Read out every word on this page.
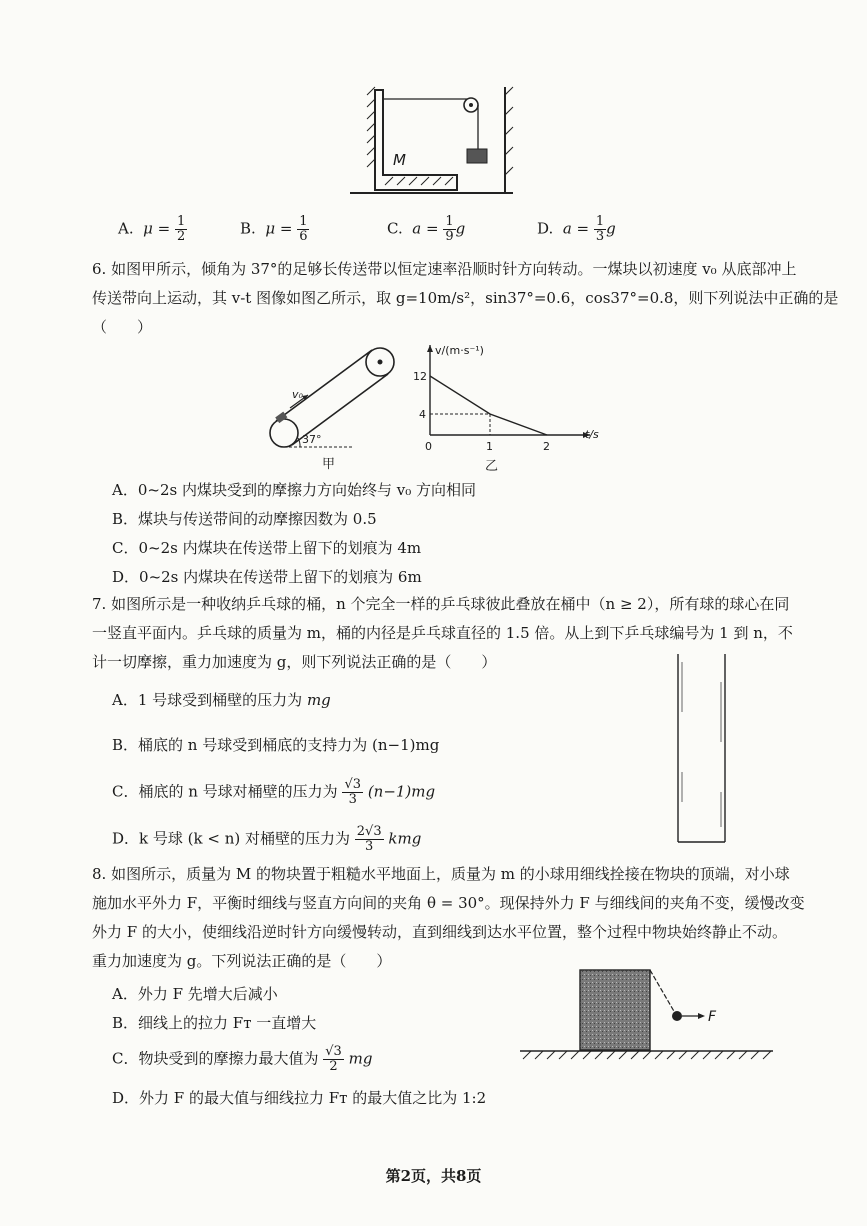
M
A. $\mu = \frac{1}{2}$	B. $\mu = \frac{1}{6}$	C. $a = \frac{1}{9}$ g	D. $a = \frac{1}{3}$ g
6. 如图甲所示，倾角为 37°的足够长传送带以恒定速率沿顺时针方向转动。一煤块以初速度 v₀ 从底部冲上
传送带向上运动，其 v-t 图像如图乙所示，取 g=10m/s²，sin37°=0.6，cos37°=0.8，则下列说法中正确的是
（　　）
v₀
37°
甲
v/(m·s⁻¹)
t/s
12
4
0	1	2
乙
A．0~2s 内煤块受到的摩擦力方向始终与 v₀ 方向相同
B．煤块与传送带间的动摩擦因数为 0.5
C．0~2s 内煤块在传送带上留下的划痕为 4m
D．0~2s 内煤块在传送带上留下的划痕为 6m
7. 如图所示是一种收纳乒乓球的桶，n 个完全一样的乒乓球彼此叠放在桶中（n ≥ 2），所有球的球心在同
一竖直平面内。乒乓球的质量为 m，桶的内径是乒乓球直径的 1.5 倍。从上到下乒乓球编号为 1 到 n，不
计一切摩擦，重力加速度为 g，则下列说法正确的是（　　）
A．1 号球受到桶壁的压力为 mg
B．桶底的 n 号球受到桶底的支持力为 (n−1)mg
C．桶底的 n 号球对桶壁的压力为 $\frac{√3}{3} (n-1)mg$
D．k 号球 (k < n) 对桶壁的压力为 $\frac{2√3}{3}$ kmg
8. 如图所示，质量为 M 的物块置于粗糙水平地面上，质量为 m 的小球用细线拴接在物块的顶端，对小球
施加水平外力 F，平衡时细线与竖直方向间的夹角 θ = 30°。现保持外力 F 与细线间的夹角不变，缓慢改变
外力 F 的大小，使细线沿逆时针方向缓慢转动，直到细线到达水平位置，整个过程中物块始终静止不动。
重力加速度为 g。下列说法正确的是（　　）
A．外力 F 先增大后减小
B．细线上的拉力 Fᴛ 一直增大
C．物块受到的摩擦力最大值为 $\frac{√3}{2}$ mg
D．外力 F 的最大值与细线拉力 Fᴛ 的最大值之比为 1:2
F
第2页，共8页
